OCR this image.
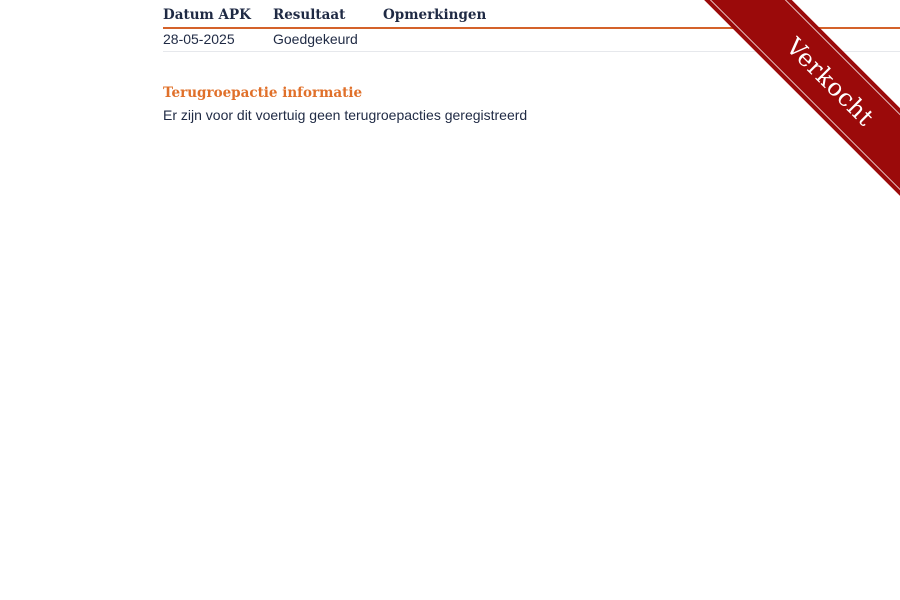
Datum APK	Resultaat	Opmerkingen
28-05-2025	Goedgekeurd	
Terugroepactie informatie
Er zijn voor dit voertuig geen terugroepacties geregistreerd	Verkocht
